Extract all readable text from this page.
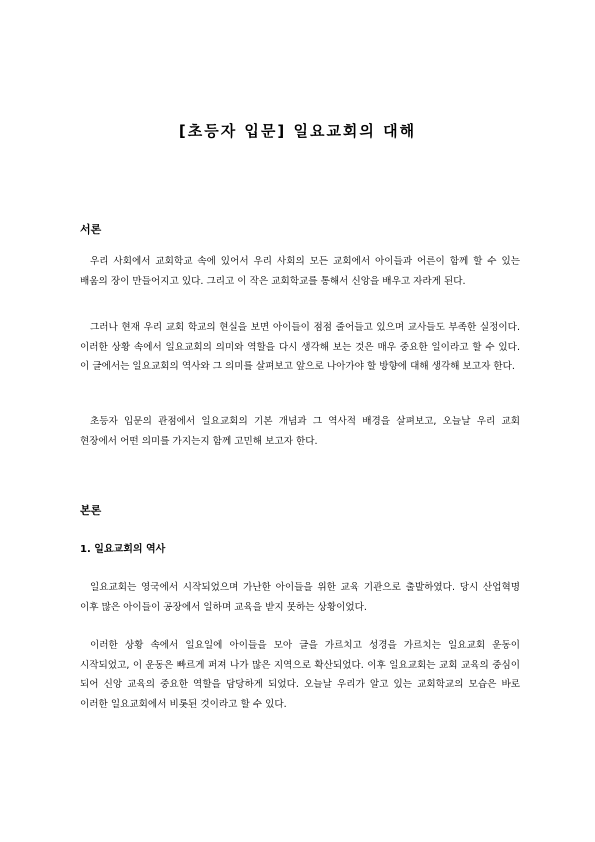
[초등자 입문] 일요교회의 대해
서론

우리 사회에서 교회학교 속에 있어서 우리 사회의 모든 교회에서 아이들과 어른이 함께 할 수 있는 배움의 장이 만들어지고 있다. 그리고 이 작은 교회학교를 통해서 신앙을 배우고 자라게 된다.

그러나 현재 우리 교회 학교의 현실을 보면 아이들이 점점 줄어들고 있으며 교사들도 부족한 실정이다. 이러한 상황 속에서 일요교회의 의미와 역할을 다시 생각해 보는 것은 매우 중요한 일이라고 할 수 있다. 이 글에서는 일요교회의 역사와 그 의미를 살펴보고 앞으로 나아가야 할 방향에 대해 생각해 보고자 한다.

초등자 입문의 관점에서 일요교회의 기본 개념과 그 역사적 배경을 살펴보고, 오늘날 우리 교회 현장에서 어떤 의미를 가지는지 함께 고민해 보고자 한다.

본론
1. 일요교회의 역사

일요교회는 영국에서 시작되었으며 가난한 아이들을 위한 교육 기관으로 출발하였다. 당시 산업혁명 이후 많은 아이들이 공장에서 일하며 교육을 받지 못하는 상황이었다.

이러한 상황 속에서 일요일에 아이들을 모아 글을 가르치고 성경을 가르치는 일요교회 운동이 시작되었고, 이 운동은 빠르게 퍼져 나가 많은 지역으로 확산되었다. 이후 일요교회는 교회 교육의 중심이 되어 신앙 교육의 중요한 역할을 담당하게 되었다. 오늘날 우리가 알고 있는 교회학교의 모습은 바로 이러한 일요교회에서 비롯된 것이라고 할 수 있다.
